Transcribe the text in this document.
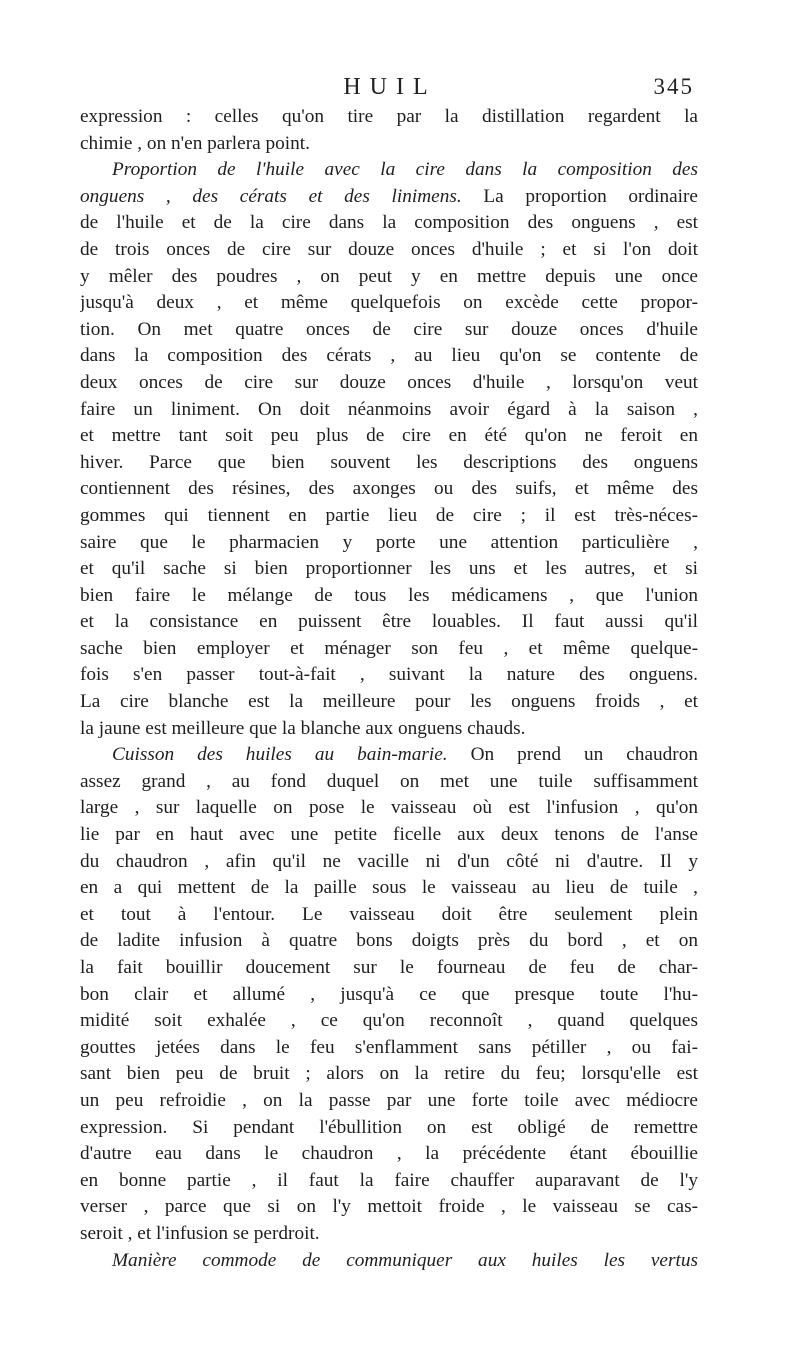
HUIL	345
expression : celles qu'on tire par la distillation regardent la
chimie , on n'en parlera point.
Proportion de l'huile avec la cire dans la composition des
onguens , des cérats et des linimens. La proportion ordinaire
de l'huile et de la cire dans la composition des onguens , est
de trois onces de cire sur douze onces d'huile ; et si l'on doit
y mêler des poudres , on peut y en mettre depuis une once
jusqu'à deux , et même quelquefois on excède cette propor-
tion. On met quatre onces de cire sur douze onces d'huile
dans la composition des cérats , au lieu qu'on se contente de
deux onces de cire sur douze onces d'huile , lorsqu'on veut
faire un liniment. On doit néanmoins avoir égard à la saison ,
et mettre tant soit peu plus de cire en été qu'on ne feroit en
hiver. Parce que bien souvent les descriptions des onguens
contiennent des résines, des axonges ou des suifs, et même des
gommes qui tiennent en partie lieu de cire ; il est très-néces-
saire que le pharmacien y porte une attention particulière ,
et qu'il sache si bien proportionner les uns et les autres, et si
bien faire le mélange de tous les médicamens , que l'union
et la consistance en puissent être louables. Il faut aussi qu'il
sache bien employer et ménager son feu , et même quelque-
fois s'en passer tout-à-fait , suivant la nature des onguens.
La cire blanche est la meilleure pour les onguens froids , et
la jaune est meilleure que la blanche aux onguens chauds.
Cuisson des huiles au bain-marie. On prend un chaudron
assez grand , au fond duquel on met une tuile suffisamment
large , sur laquelle on pose le vaisseau où est l'infusion , qu'on
lie par en haut avec une petite ficelle aux deux tenons de l'anse
du chaudron , afin qu'il ne vacille ni d'un côté ni d'autre. Il y
en a qui mettent de la paille sous le vaisseau au lieu de tuile ,
et tout à l'entour. Le vaisseau doit être seulement plein
de ladite infusion à quatre bons doigts près du bord , et on
la fait bouillir doucement sur le fourneau de feu de char-
bon clair et allumé , jusqu'à ce que presque toute l'hu-
midité soit exhalée , ce qu'on reconnoît , quand quelques
gouttes jetées dans le feu s'enflamment sans pétiller , ou fai-
sant bien peu de bruit ; alors on la retire du feu; lorsqu'elle est
un peu refroidie , on la passe par une forte toile avec médiocre
expression. Si pendant l'ébullition on est obligé de remettre
d'autre eau dans le chaudron , la précédente étant ébouillie
en bonne partie , il faut la faire chauffer auparavant de l'y
verser , parce que si on l'y mettoit froide , le vaisseau se cas-
seroit , et l'infusion se perdroit.
Manière commode de communiquer aux huiles les vertus
